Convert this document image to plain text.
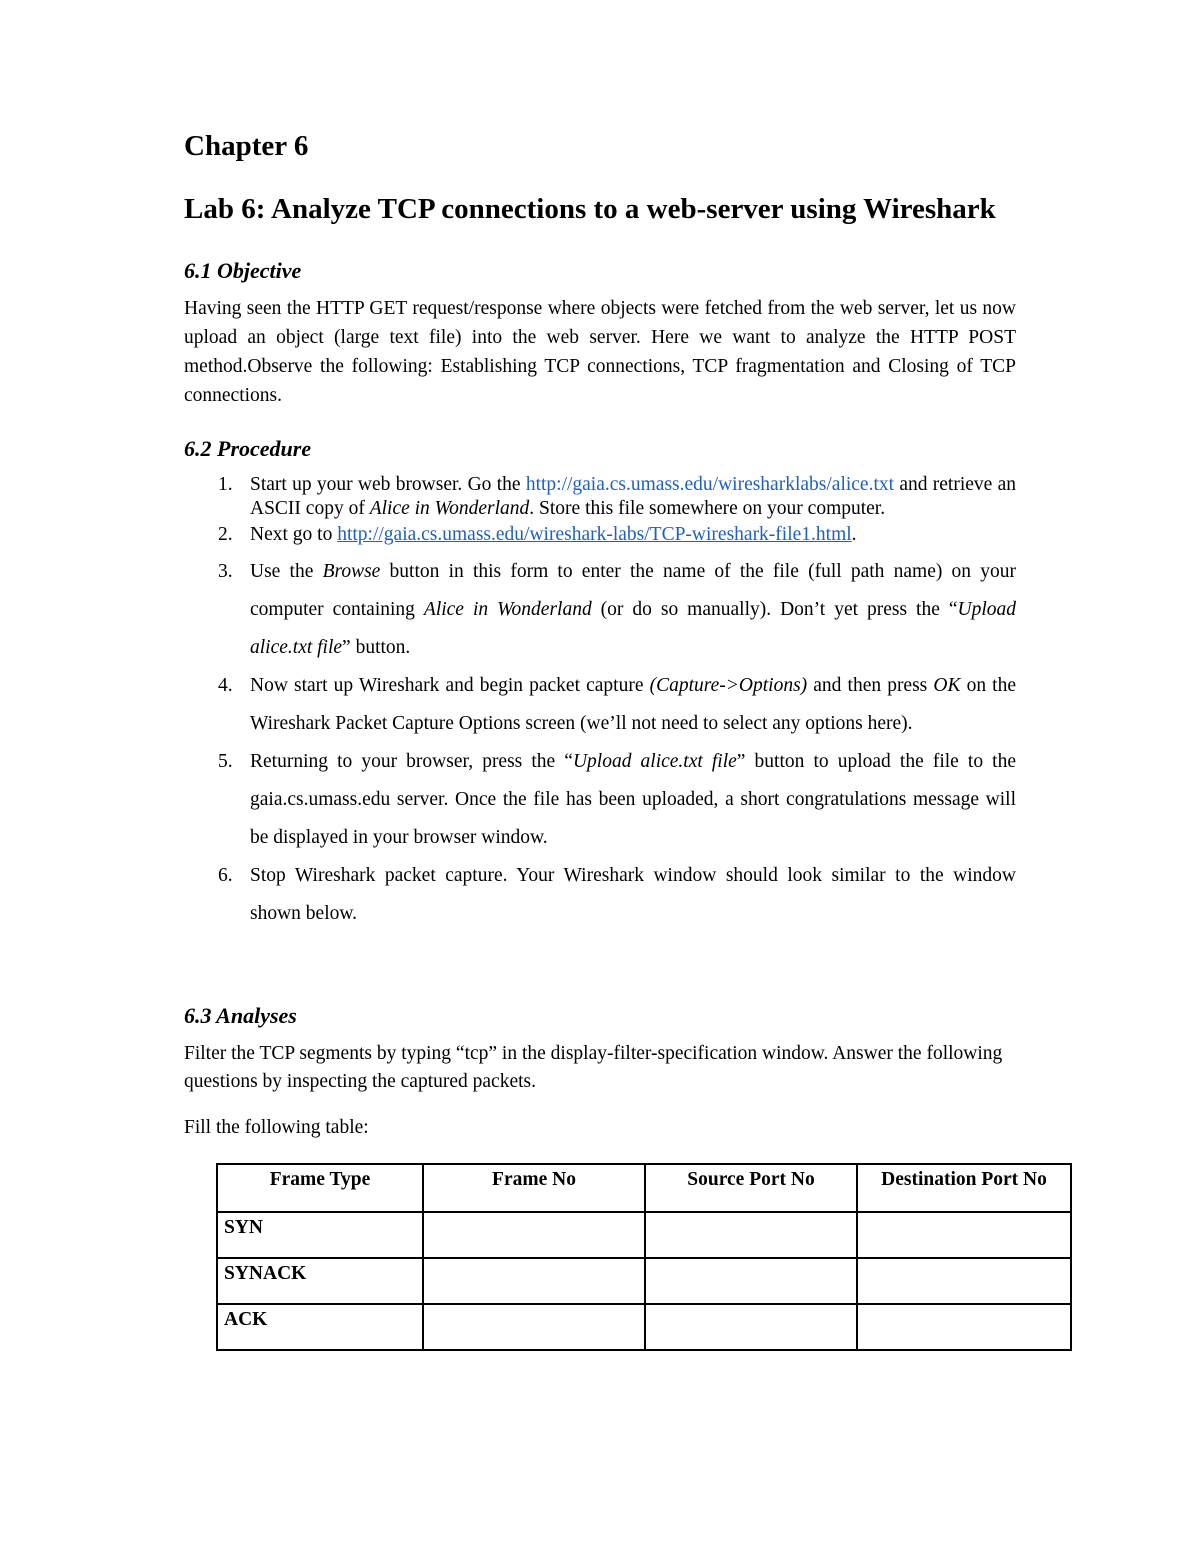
Chapter 6
Lab 6: Analyze TCP connections to a web-server using Wireshark
6.1 Objective

Having seen the HTTP GET request/response where objects were fetched from the web server, let us now upload an object (large text file) into the web server. Here we want to analyze the HTTP POST method.Observe the following: Establishing TCP connections, TCP fragmentation and Closing of TCP connections.

6.2 Procedure
1. Start up your web browser. Go the http://gaia.cs.umass.edu/wiresharklabs/alice.txt and retrieve an ASCII copy of Alice in Wonderland. Store this file somewhere on your computer.
2. Next go to http://gaia.cs.umass.edu/wireshark-labs/TCP-wireshark-file1.html.
3. Use the Browse button in this form to enter the name of the file (full path name) on your computer containing Alice in Wonderland (or do so manually). Don’t yet press the “Upload alice.txt file” button.
4. Now start up Wireshark and begin packet capture (Capture->Options) and then press OK on the Wireshark Packet Capture Options screen (we’ll not need to select any options here).
5. Returning to your browser, press the “Upload alice.txt file” button to upload the file to the gaia.cs.umass.edu server. Once the file has been uploaded, a short congratulations message will be displayed in your browser window.
6. Stop Wireshark packet capture. Your Wireshark window should look similar to the window shown below.
6.3 Analyses

Filter the TCP segments by typing “tcp” in the display-filter-specification window. Answer the following questions by inspecting the captured packets.

Fill the following table:

Frame Type	Frame No	Source Port No	Destination Port No
SYN			
SYNACK			
ACK			
